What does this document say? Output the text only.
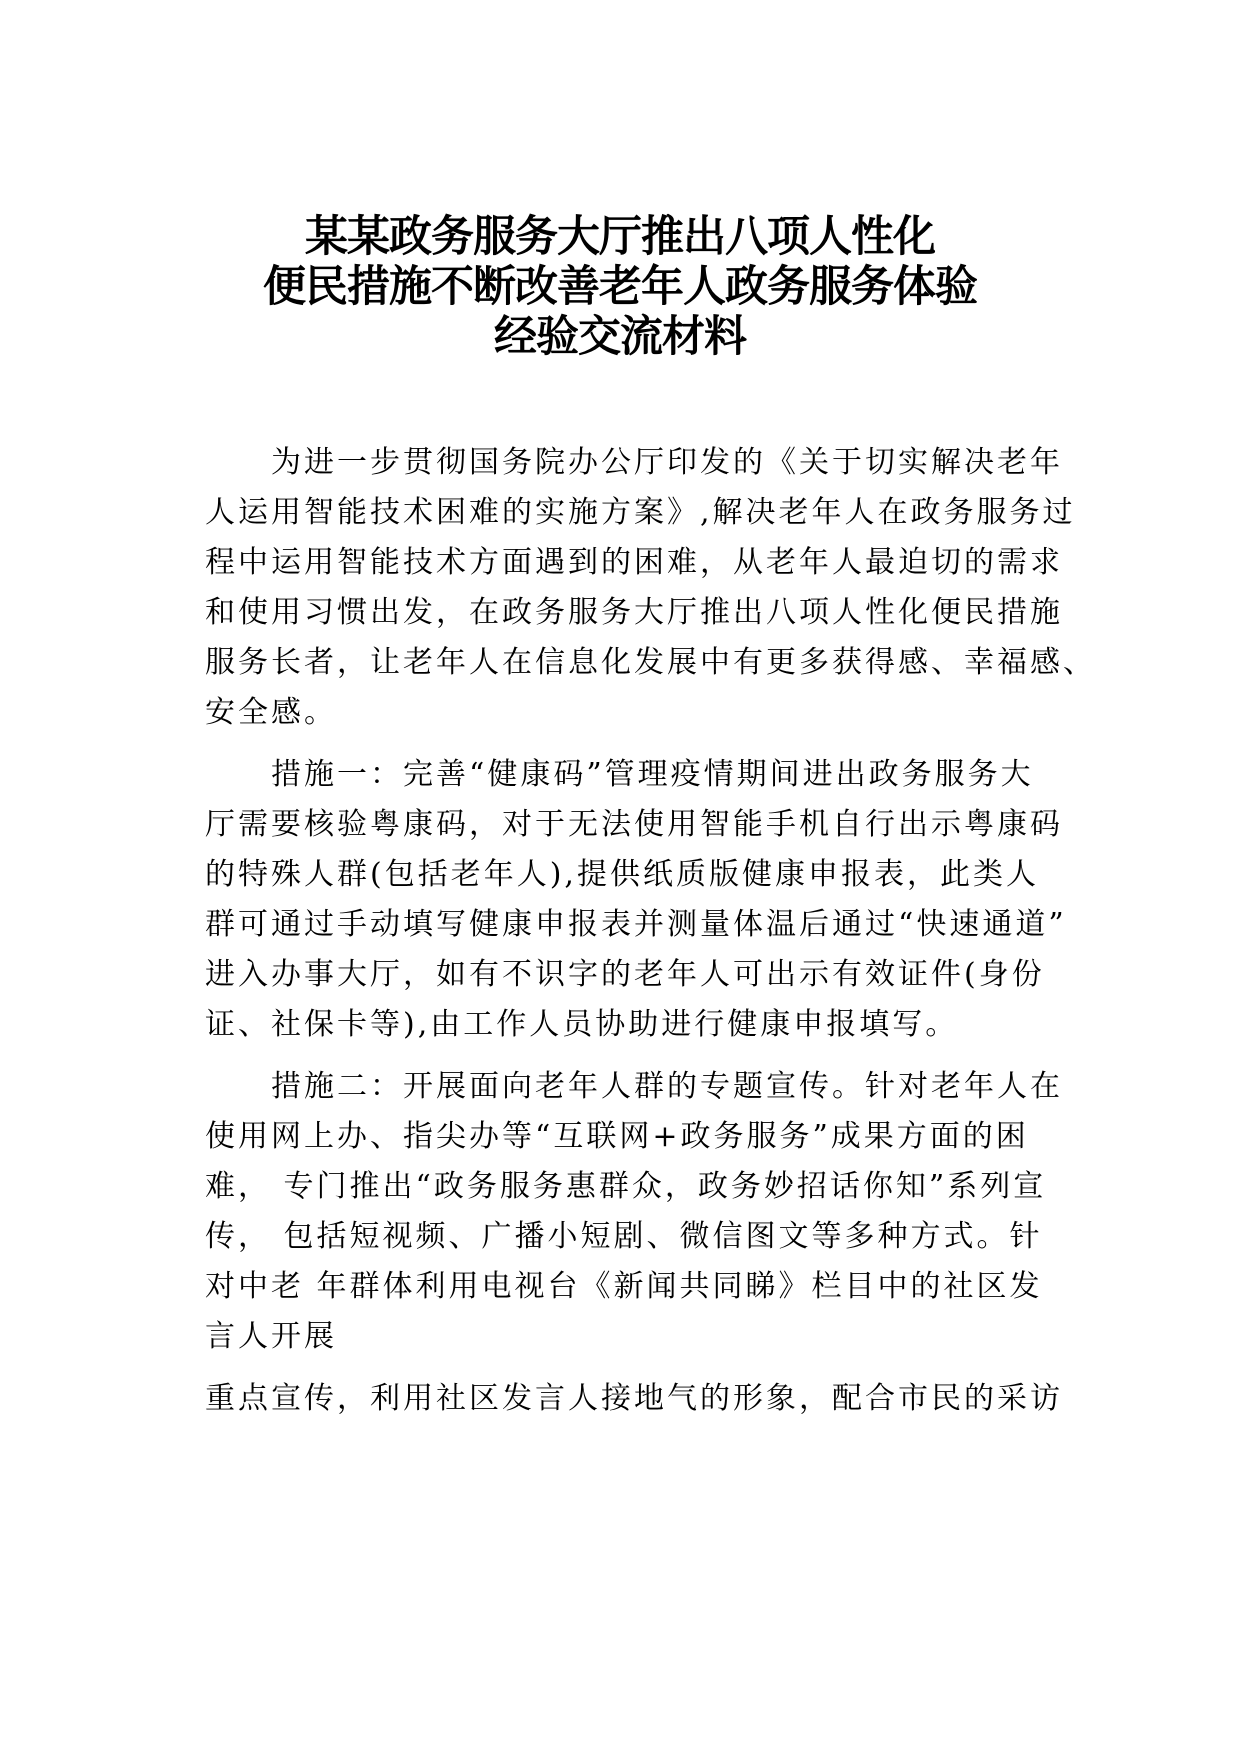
某某政务服务大厅推出八项人性化
便民措施不断改善老年人政务服务体验
经验交流材料

为进一步贯彻国务院办公厅印发的《关于切实解决老年
人运用智能技术困难的实施方案》,解决老年人在政务服务过
程中运用智能技术方面遇到的困难，从老年人最迫切的需求
和使用习惯出发，在政务服务大厅推出八项人性化便民措施
服务长者，让老年人在信息化发展中有更多获得感、幸福感、
安全感。

措施一：完善“健康码”管理疫情期间进出政务服务大
厅需要核验粤康码，对于无法使用智能手机自行出示粤康码
的特殊人群(包括老年人),提供纸质版健康申报表，此类人
群可通过手动填写健康申报表并测量体温后通过“快速通道”
进入办事大厅，如有不识字的老年人可出示有效证件(身份
证、社保卡等),由工作人员协助进行健康申报填写。

措施二：开展面向老年人群的专题宣传。针对老年人在
使用网上办、指尖办等“互联网+政务服务”成果方面的困
难， 专门推出“政务服务惠群众，政务妙招话你知”系列宣
传， 包括短视频、广播小短剧、微信图文等多种方式。针
对中老 年群体利用电视台《新闻共同睇》栏目中的社区发
言人开展

重点宣传，利用社区发言人接地气的形象，配合市民的采访
